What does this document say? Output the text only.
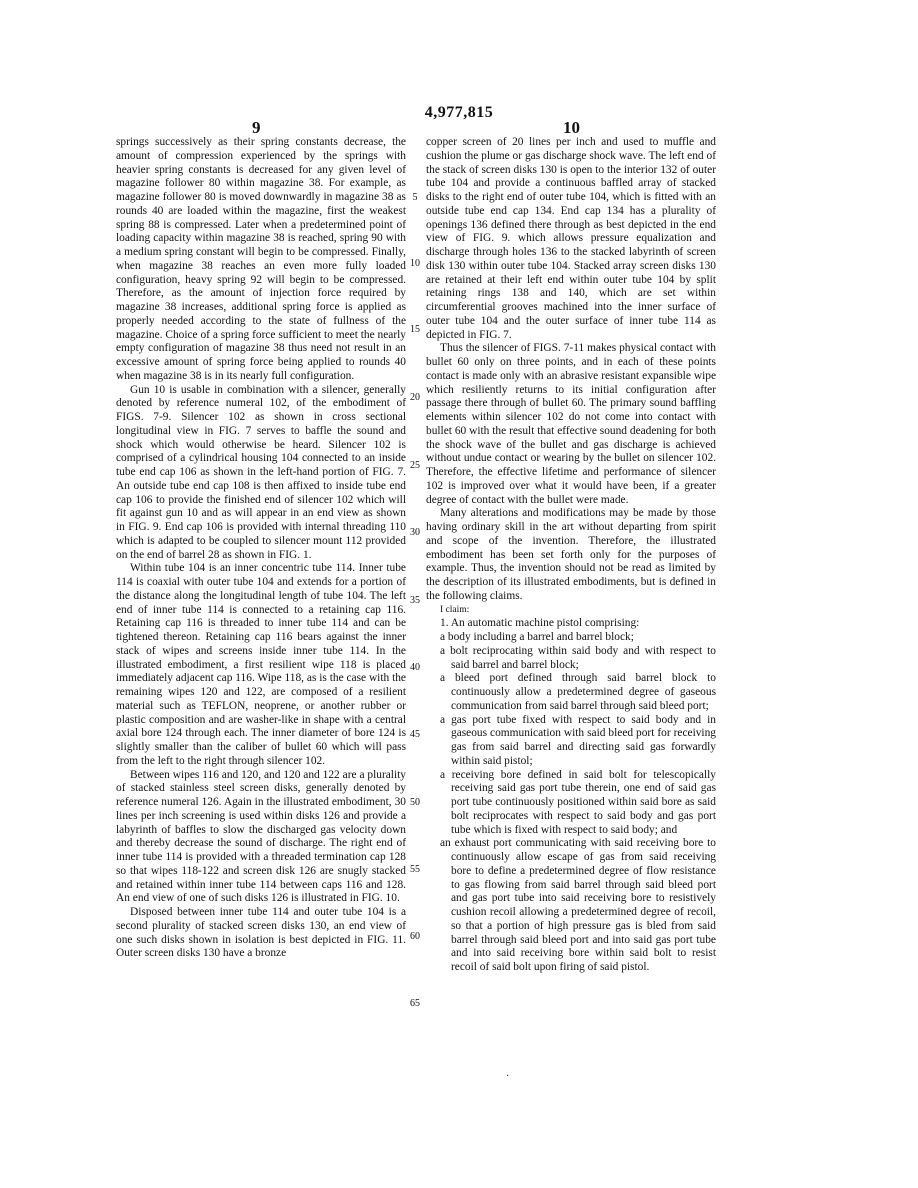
4,977,815
9	10

springs successively as their spring constants decrease, the amount of compression experienced by the springs with heavier spring constants is decreased for any given level of magazine follower 80 within magazine 38. For example, as magazine follower 80 is moved downwardly in magazine 38 as rounds 40 are loaded within the magazine, first the weakest spring 88 is compressed. Later when a predetermined point of loading capacity within magazine 38 is reached, spring 90 with a medium spring constant will begin to be compressed. Finally, when magazine 38 reaches an even more fully loaded configuration, heavy spring 92 will begin to be compressed. Therefore, as the amount of injection force required by magazine 38 increases, additional spring force is applied as properly needed according to the state of fullness of the magazine. Choice of a spring force sufficient to meet the nearly empty configuration of magazine 38 thus need not result in an excessive amount of spring force being applied to rounds 40 when magazine 38 is in its nearly full configuration.

Gun 10 is usable in combination with a silencer, generally denoted by reference numeral 102, of the embodiment of FIGS. 7-9. Silencer 102 as shown in cross sectional longitudinal view in FIG. 7 serves to baffle the sound and shock which would otherwise be heard. Silencer 102 is comprised of a cylindrical housing 104 connected to an inside tube end cap 106 as shown in the left-hand portion of FIG. 7. An outside tube end cap 108 is then affixed to inside tube end cap 106 to provide the finished end of silencer 102 which will fit against gun 10 and as will appear in an end view as shown in FIG. 9. End cap 106 is provided with internal threading 110 which is adapted to be coupled to silencer mount 112 provided on the end of barrel 28 as shown in FIG. 1.

Within tube 104 is an inner concentric tube 114. Inner tube 114 is coaxial with outer tube 104 and extends for a portion of the distance along the longitudinal length of tube 104. The left end of inner tube 114 is connected to a retaining cap 116. Retaining cap 116 is threaded to inner tube 114 and can be tightened thereon. Retaining cap 116 bears against the inner stack of wipes and screens inside inner tube 114. In the illustrated embodiment, a first resilient wipe 118 is placed immediately adjacent cap 116. Wipe 118, as is the case with the remaining wipes 120 and 122, are composed of a resilient material such as TEFLON, neoprene, or another rubber or plastic composition and are washer-like in shape with a central axial bore 124 through each. The inner diameter of bore 124 is slightly smaller than the caliber of bullet 60 which will pass from the left to the right through silencer 102.

Between wipes 116 and 120, and 120 and 122 are a plurality of stacked stainless steel screen disks, generally denoted by reference numeral 126. Again in the illustrated embodiment, 30 lines per inch screening is used within disks 126 and provide a labyrinth of baffles to slow the discharged gas velocity down and thereby decrease the sound of discharge. The right end of inner tube 114 is provided with a threaded termination cap 128 so that wipes 118-122 and screen disk 126 are snugly stacked and retained within inner tube 114 between caps 116 and 128. An end view of one of such disks 126 is illustrated in FIG. 10.

Disposed between inner tube 114 and outer tube 104 is a second plurality of stacked screen disks 130, an end view of one such disks shown in isolation is best depicted in FIG. 11. Outer screen disks 130 have a bronze

copper screen of 20 lines per inch and used to muffle and cushion the plume or gas discharge shock wave. The left end of the stack of screen disks 130 is open to the interior 132 of outer tube 104 and provide a continuous baffled array of stacked disks to the right end of outer tube 104, which is fitted with an outside tube end cap 134. End cap 134 has a plurality of openings 136 defined there through as best depicted in the end view of FIG. 9. which allows pressure equalization and discharge through holes 136 to the stacked labyrinth of screen disk 130 within outer tube 104. Stacked array screen disks 130 are retained at their left end within outer tube 104 by split retaining rings 138 and 140, which are set within circumferential grooves machined into the inner surface of outer tube 104 and the outer surface of inner tube 114 as depicted in FIG. 7.

Thus the silencer of FIGS. 7-11 makes physical contact with bullet 60 only on three points, and in each of these points contact is made only with an abrasive resistant expansible wipe which resiliently returns to its initial configuration after passage there through of bullet 60. The primary sound baffling elements within silencer 102 do not come into contact with bullet 60 with the result that effective sound deadening for both the shock wave of the bullet and gas discharge is achieved without undue contact or wearing by the bullet on silencer 102. Therefore, the effective lifetime and performance of silencer 102 is improved over what it would have been, if a greater degree of contact with the bullet were made.

Many alterations and modifications may be made by those having ordinary skill in the art without departing from spirit and scope of the invention. Therefore, the illustrated embodiment has been set forth only for the purposes of example. Thus, the invention should not be read as limited by the description of its illustrated embodiments, but is defined in the following claims.

I claim:

1. An automatic machine pistol comprising:

a body including a barrel and barrel block;

a bolt reciprocating within said body and with respect to said barrel and barrel block;

a bleed port defined through said barrel block to continuously allow a predetermined degree of gaseous communication from said barrel through said bleed port;

a gas port tube fixed with respect to said body and in gaseous communication with said bleed port for receiving gas from said barrel and directing said gas forwardly within said pistol;

a receiving bore defined in said bolt for telescopically receiving said gas port tube therein, one end of said gas port tube continuously positioned within said bore as said bolt reciprocates with respect to said body and gas port tube which is fixed with respect to said body; and

an exhaust port communicating with said receiving bore to continuously allow escape of gas from said receiving bore to define a predetermined degree of flow resistance to gas flowing from said barrel through said bleed port and gas port tube into said receiving bore to resistively cushion recoil allowing a predetermined degree of recoil, so that a portion of high pressure gas is bled from said barrel through said bleed port and into said gas port tube and into said receiving bore within said bolt to resist recoil of said bolt upon firing of said pistol.

5
10
15
20
25
30
35
40
45
50
55
60
65
·
